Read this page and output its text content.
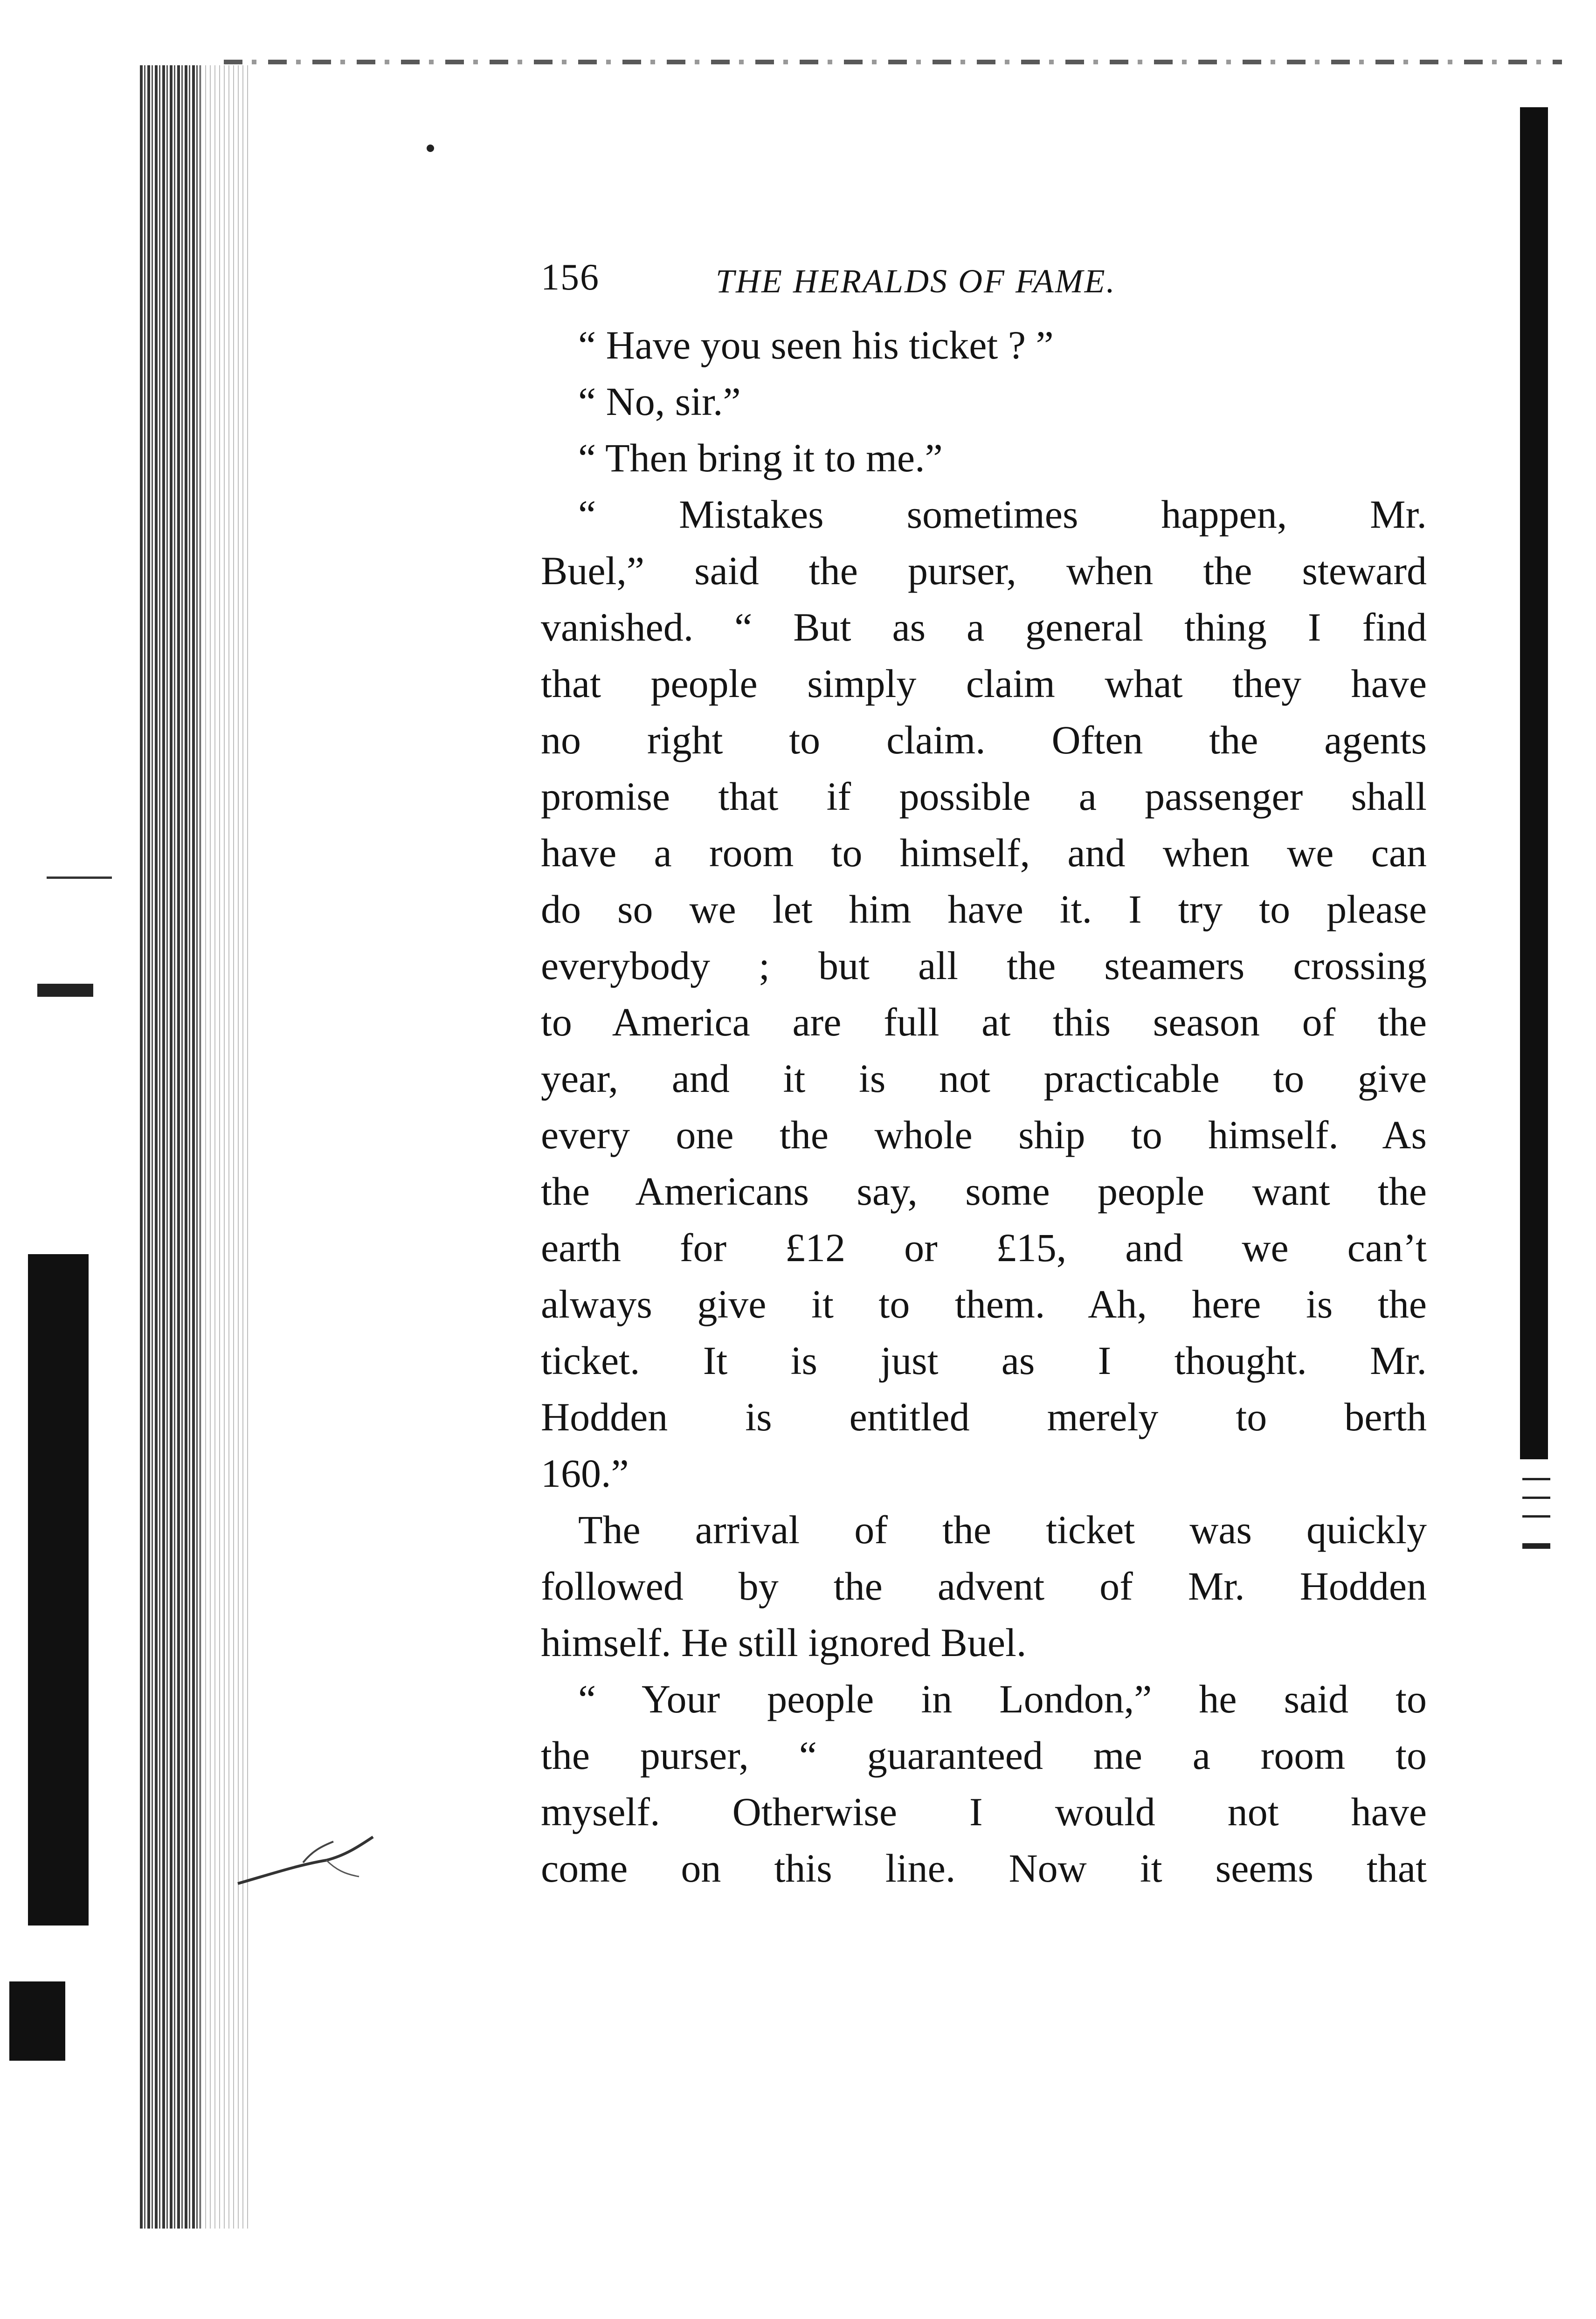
156	THE HERALDS OF FAME.
“ Have you seen his ticket ? ”
“ No, sir.”
“ Then bring it to me.”
“ Mistakes sometimes happen, Mr.
Buel,” said the purser, when the steward
vanished. “ But as a general thing I find
that people simply claim what they have
no right to claim. Often the agents
promise that if possible a passenger shall
have a room to himself, and when we can
do so we let him have it. I try to please
everybody ; but all the steamers crossing
to America are full at this season of the
year, and it is not practicable to give
every one the whole ship to himself. As
the Americans say, some people want the
earth for £12 or £15, and we can’t
always give it to them. Ah, here is the
ticket. It is just as I thought. Mr.
Hodden is entitled merely to berth
160.”
The arrival of the ticket was quickly
followed by the advent of Mr. Hodden
himself. He still ignored Buel.
“ Your people in London,” he said to
the purser, “ guaranteed me a room to
myself. Otherwise I would not have
come on this line. Now it seems that
